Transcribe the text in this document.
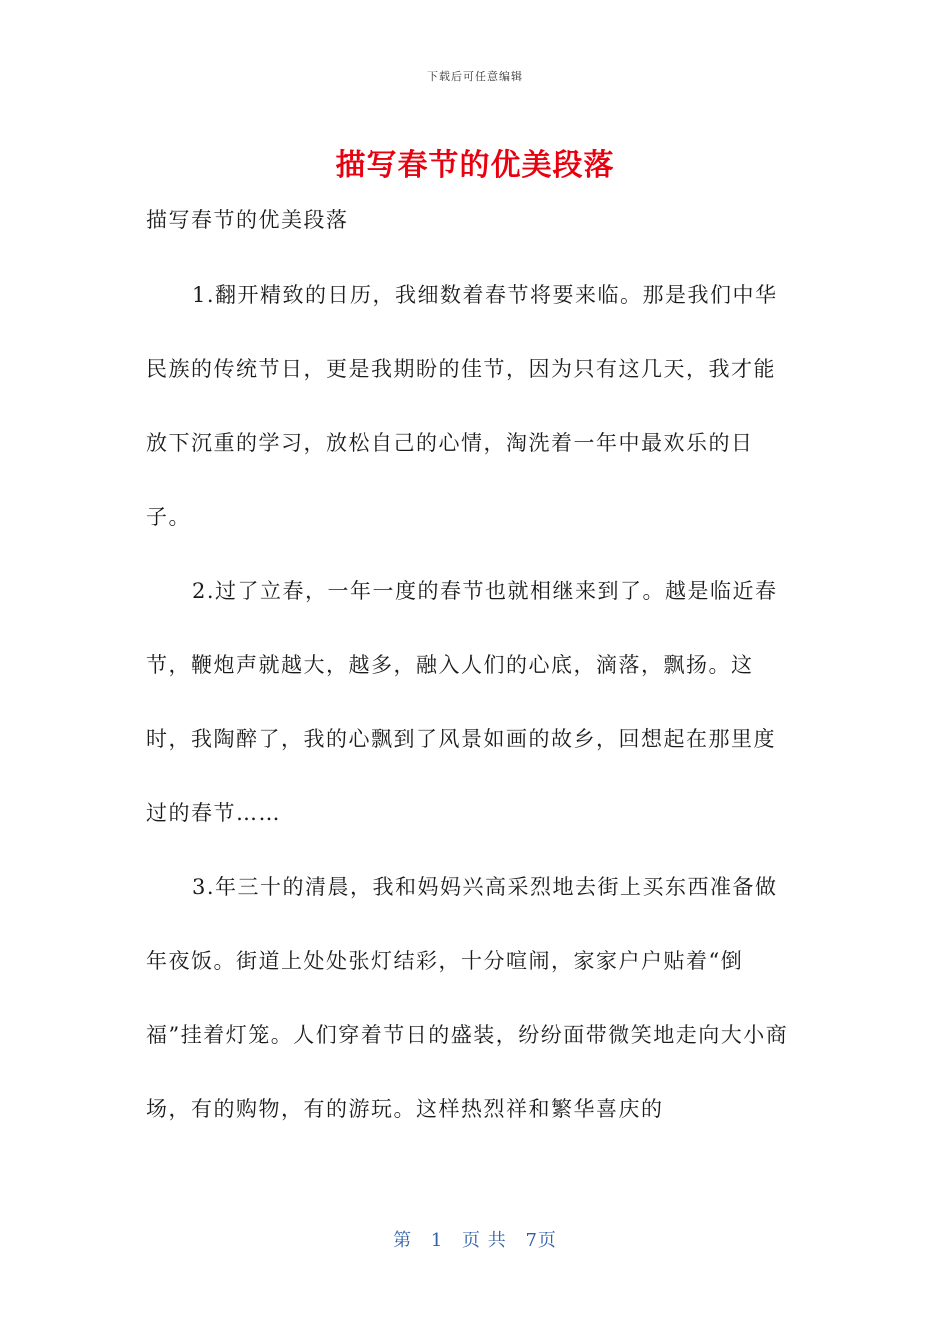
下载后可任意编辑
描写春节的优美段落
描写春节的优美段落

1.翻开精致的日历，我细数着春节将要来临。那是我们中华民族的传统节日，更是我期盼的佳节，因为只有这几天，我才能放下沉重的学习，放松自己的心情，淘洗着一年中最欢乐的日子。

2.过了立春，一年一度的春节也就相继来到了。越是临近春节，鞭炮声就越大，越多，融入人们的心底，滴落，飘扬。这时，我陶醉了，我的心飘到了风景如画的故乡，回想起在那里度过的春节……

3.年三十的清晨，我和妈妈兴高采烈地去街上买东西准备做年夜饭。街道上处处张灯结彩，十分喧闹，家家户户贴着“倒福”挂着灯笼。人们穿着节日的盛装，纷纷面带微笑地走向大小商场，有的购物，有的游玩。这样热烈祥和繁华喜庆的

第 1 页 共 7页
